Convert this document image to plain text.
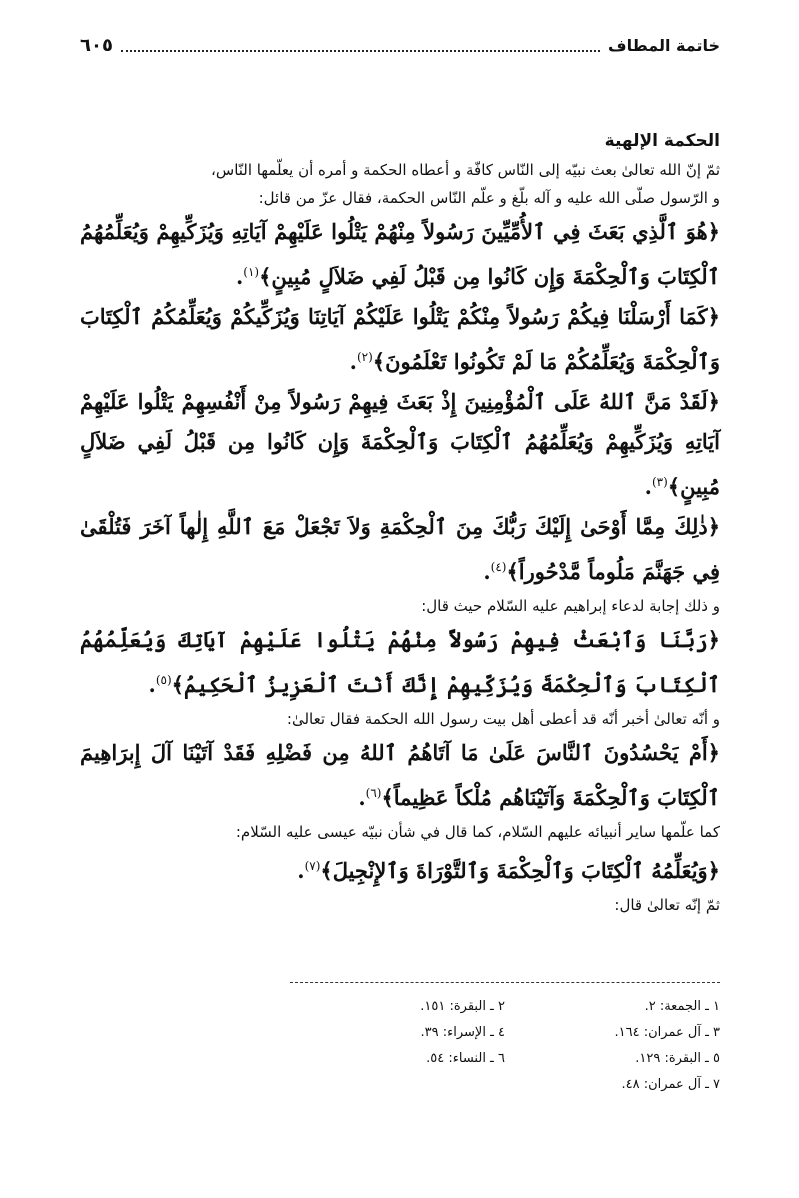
خاتمة المطاف
٦٠٥
الحكمة الإلهية
ثمّ إنّ الله تعالىٰ بعث نبيّه إلى النّاس كافّة و أعطاه الحكمة و أمره أن يعلّمها النّاس،
و الرّسول صلّى الله عليه و آله بلّغ و علّم النّاس الحكمة، فقال عزّ من قائل:
﴿هُوَ ٱلَّذِي بَعَثَ فِي ٱلأُمِّيِّينَ رَسُولاً مِنْهُمْ يَتْلُوا عَلَيْهِمْ آيَاتِهِ وَيُزَكِّيهِمْ وَيُعَلِّمُهُمُ ٱلْكِتَابَ وَٱلْحِكْمَةَ وَإِن كَانُوا مِن قَبْلُ لَفِي ضَلاَلٍ مُبِينٍ﴾$^{(١)}$.
﴿كَمَا أَرْسَلْنَا فِيكُمْ رَسُولاً مِنْكُمْ يَتْلُوا عَلَيْكُمْ آيَاتِنَا وَيُزَكِّيكُمْ وَيُعَلِّمُكُمُ ٱلْكِتَابَ وَٱلْحِكْمَةَ وَيُعَلِّمُكُمْ مَا لَمْ تَكُونُوا تَعْلَمُونَ﴾$^{(٢)}$.
﴿لَقَدْ مَنَّ ٱللهُ عَلَى ٱلْمُؤْمِنِينَ إِذْ بَعَثَ فِيهِمْ رَسُولاً مِنْ أَنْفُسِهِمْ يَتْلُوا عَلَيْهِمْ آيَاتِهِ وَيُزَكِّيهِمْ وَيُعَلِّمُهُمُ ٱلْكِتَابَ وَٱلْحِكْمَةَ وَإِن كَانُوا مِن قَبْلُ لَفِي ضَلاَلٍ مُبِينٍ﴾$^{(٣)}$.
﴿ذٰلِكَ مِمَّا أَوْحَىٰ إِلَيْكَ رَبُّكَ مِنَ ٱلْحِكْمَةِ وَلاَ تَجْعَلْ مَعَ ٱللَّهِ إِلٰهاً آخَرَ فَتُلْقَىٰ فِي جَهَنَّمَ مَلُوماً مَّدْحُوراً﴾$^{(٤)}$.
و ذلك إجابة لدعاء إبراهيم عليه السّلام حيث قال:
﴿رَبَّنَا وَٱبْعَثْ فِيهِمْ رَسُولاً مِنْهُمْ يَتْلُوا عَلَيْهِمْ آيَاتِكَ وَيُعَلِّمُهُمُ ٱلْكِتَابَ وَٱلْحِكْمَةَ وَيُزَكِّيهِمْ إِنَّكَ أَنْتَ ٱلْعَزِيزُ ٱلْحَكِيمُ﴾$^{(٥)}$.
و أنّه تعالىٰ أخبر أنّه قد أعطى أهل بيت رسول الله الحكمة فقال تعالىٰ:
﴿أَمْ يَحْسُدُونَ ٱلنَّاسَ عَلَىٰ مَا آتَاهُمُ ٱللهُ مِن فَضْلِهِ فَقَدْ آتَيْنَا آلَ إِبرَاهِيمَ ٱلْكِتَابَ وَٱلْحِكْمَةَ وَآتَيْنَاهُم مُلْكاً عَظِيماً﴾$^{(٦)}$.
كما علّمها ساير أنبيائه عليهم السّلام، كما قال في شأن نبيّه عيسى عليه السّلام:
﴿وَيُعَلِّمُهُ ٱلْكِتَابَ وَٱلْحِكْمَةَ وَٱلتَّوْرَاةَ وَٱلإِنْجِيلَ﴾$^{(٧)}$.
ثمّ إنّه تعالىٰ قال:
١ ـ الجمعة: ٢.
٢ ـ البقرة: ١٥١.
٣ ـ آل عمران: ١٦٤.
٤ ـ الإسراء: ٣٩.
٥ ـ البقرة: ١٢٩.
٦ ـ النساء: ٥٤.
٧ ـ آل عمران: ٤٨.
